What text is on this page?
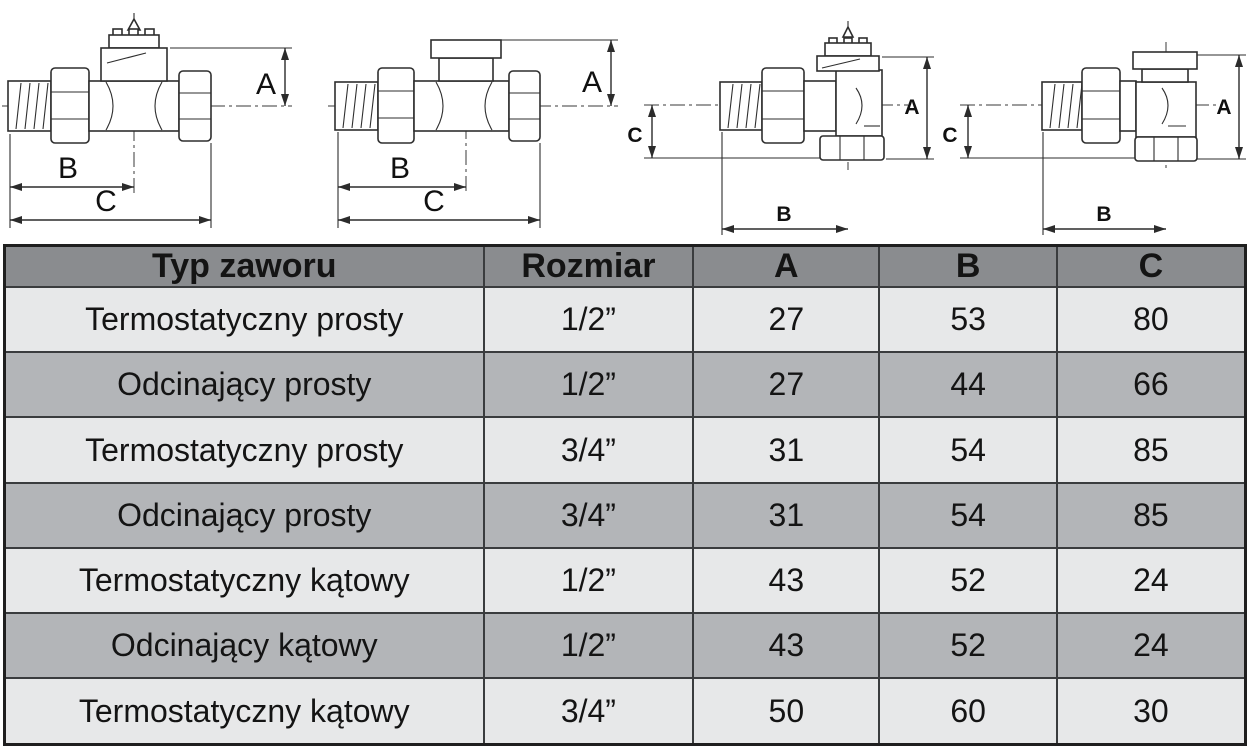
A
B
C
A
B
C
C
A
B
C
A
B
Typ zaworu	Rozmiar	A	B	C
Termostatyczny prosty	1/2”	27	53	80
Odcinający prosty	1/2”	27	44	66
Termostatyczny prosty	3/4”	31	54	85
Odcinający prosty	3/4”	31	54	85
Termostatyczny kątowy	1/2”	43	52	24
Odcinający kątowy	1/2”	43	52	24
Termostatyczny kątowy	3/4”	50	60	30
